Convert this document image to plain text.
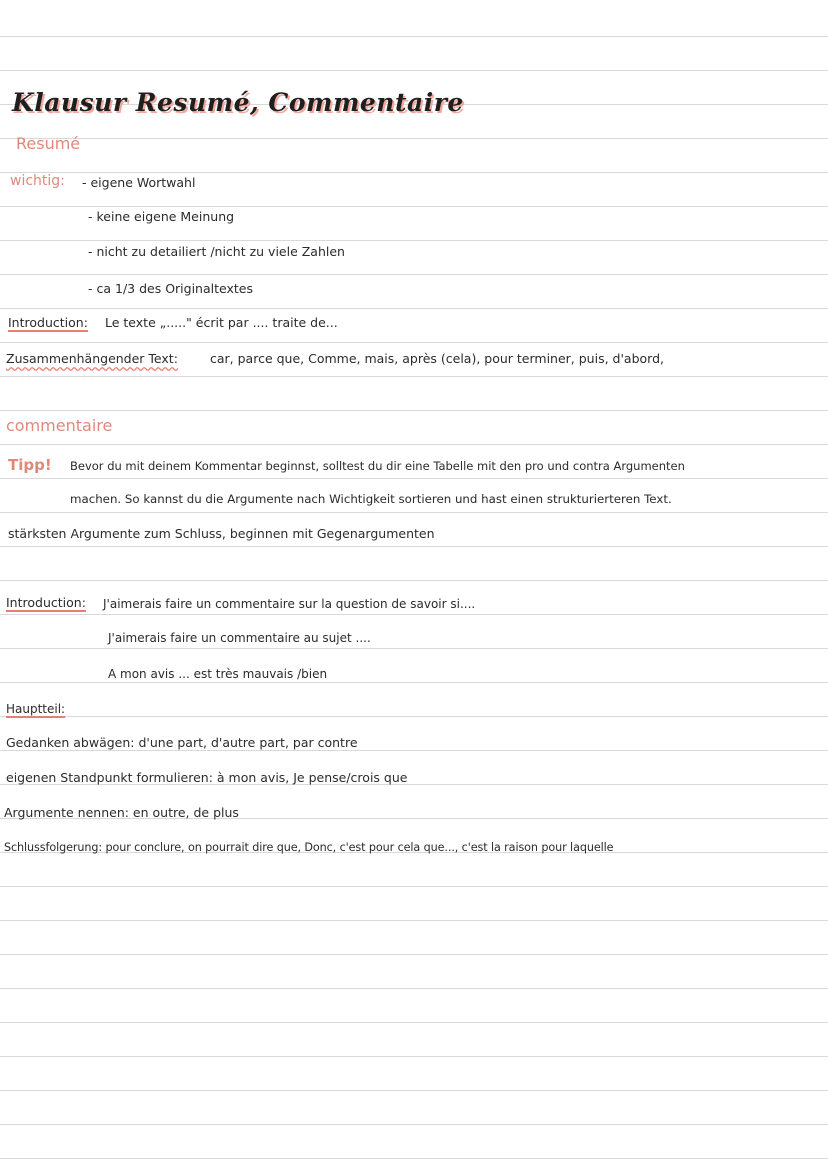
Klausur Resumé, Commentaire
Resumé
wichtig: - eigene Wortwahl
- keine eigene Meinung
- nicht zu detailiert /nicht zu viele Zahlen
- ca 1/3 des Originaltextes
Introduction: Le texte „....." écrit par .... traite de...
Zusammenhängender Text:	car, parce que, Comme, mais, après (cela), pour terminer, puis, d'abord,
commentaire
Tipp! Bevor du mit deinem Kommentar beginnst, solltest du dir eine Tabelle mit den pro und contra Argumenten
machen. So kannst du die Argumente nach Wichtigkeit sortieren und hast einen strukturierteren Text.
stärksten Argumente zum Schluss, beginnen mit Gegenargumenten
Introduction: J'aimerais faire un commentaire sur la question de savoir si....
J'aimerais faire un commentaire au sujet ....
A mon avis ... est très mauvais /bien
Hauptteil:
Gedanken abwägen: d'une part, d'autre part, par contre
eigenen Standpunkt formulieren: à mon avis, Je pense/crois que
Argumente nennen: en outre, de plus
Schlussfolgerung: pour conclure, on pourrait dire que, Donc, c'est pour cela que..., c'est la raison pour laquelle
